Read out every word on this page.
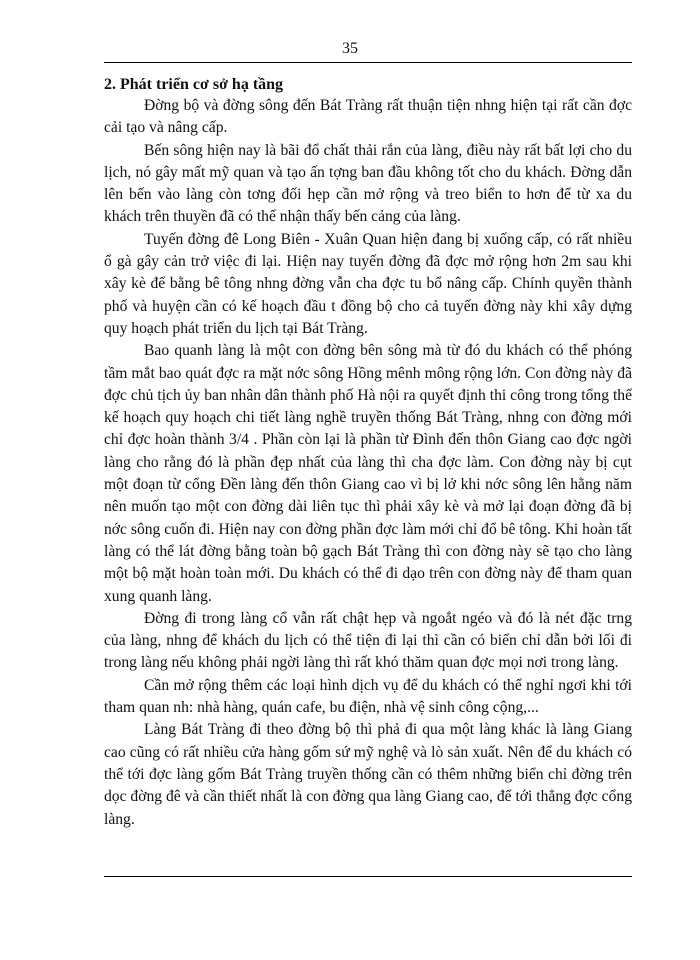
35

2. Phát triển cơ sở hạ tầng

Đờng bộ và đờng sông đến Bát Tràng rất thuận tiện nhng hiện tại rất cần đợc cải tạo và nâng cấp.

Bến sông hiện nay là bãi đổ chất thải rắn của làng, điều này rất bất lợi cho du lịch, nó gây mất mỹ quan và tạo ấn tợng ban đầu không tốt cho du khách. Đờng dẫn lên bến vào làng còn tơng đối hẹp cần mở rộng và treo biển to hơn để từ xa du khách trên thuyền đã có thể nhận thấy bến cảng của làng.

Tuyến đờng đê Long Biên - Xuân Quan hiện đang bị xuống cấp, có rất nhiều ổ gà gây cản trở việc đi lại. Hiện nay tuyến đờng đã đợc mở rộng hơn 2m sau khi xây kè để bằng bê tông nhng đờng vẫn cha đợc tu bổ nâng cấp. Chính quyền thành phố và huyện cần có kế hoạch đầu t đồng bộ cho cả tuyến đờng này khi xây dựng quy hoạch phát triển du lịch tại Bát Tràng.

Bao quanh làng là một con đờng bên sông mà từ đó du khách có thể phóng tầm mắt bao quát đợc ra mặt nớc sông Hồng mênh mông rộng lớn. Con đờng này đã đợc chủ tịch ủy ban nhân dân thành phố Hà nội ra quyết định thi công trong tổng thể kế hoạch quy hoạch chi tiết làng nghề truyền thống Bát Tràng, nhng con đờng mới chỉ đợc hoàn thành 3/4 . Phần còn lại là phần từ Đình đến thôn Giang cao đợc ngời làng cho rằng đó là phần đẹp nhất của làng thì cha đợc làm. Con đờng này bị cụt một đoạn từ cổng Đền làng đến thôn Giang cao vì bị lở khi nớc sông lên hằng năm nên muốn tạo một con đờng dài liên tục thì phải xây kè và mở lại đoạn đờng đã bị nớc sông cuốn đi. Hiện nay con đờng phần đợc làm mới chỉ đổ bê tông. Khi hoàn tất làng có thể lát đờng bằng toàn bộ gạch Bát Tràng thì con đờng này sẽ tạo cho làng một bộ mặt hoàn toàn mới. Du khách có thể đi dạo trên con đờng này để tham quan xung quanh làng.

Đờng đi trong làng cổ vẫn rất chật hẹp và ngoắt ngéo và đó là nét đặc trng của làng, nhng để khách du lịch có thể tiện đi lại thì cần có biển chỉ dẫn bởi lối đi trong làng nếu không phải ngời làng thì rất khó thăm quan đợc mọi nơi trong làng.

Cần mở rộng thêm các loại hình dịch vụ để du khách có thể nghỉ ngơi khi tới tham quan nh: nhà hàng, quán cafe, bu điện, nhà vệ sinh công cộng,...

Làng Bát Tràng đi theo đờng bộ thì phả đi qua một làng khác là làng Giang cao cũng có rất nhiều cửa hàng gốm sứ mỹ nghệ và lò sản xuất. Nên để du khách có thể tới đợc làng gốm Bát Tràng truyền thống cần có thêm những biển chỉ đờng trên dọc đờng đê và cần thiết nhất là con đờng qua làng Giang cao, để tới thẳng đợc cổng làng.
